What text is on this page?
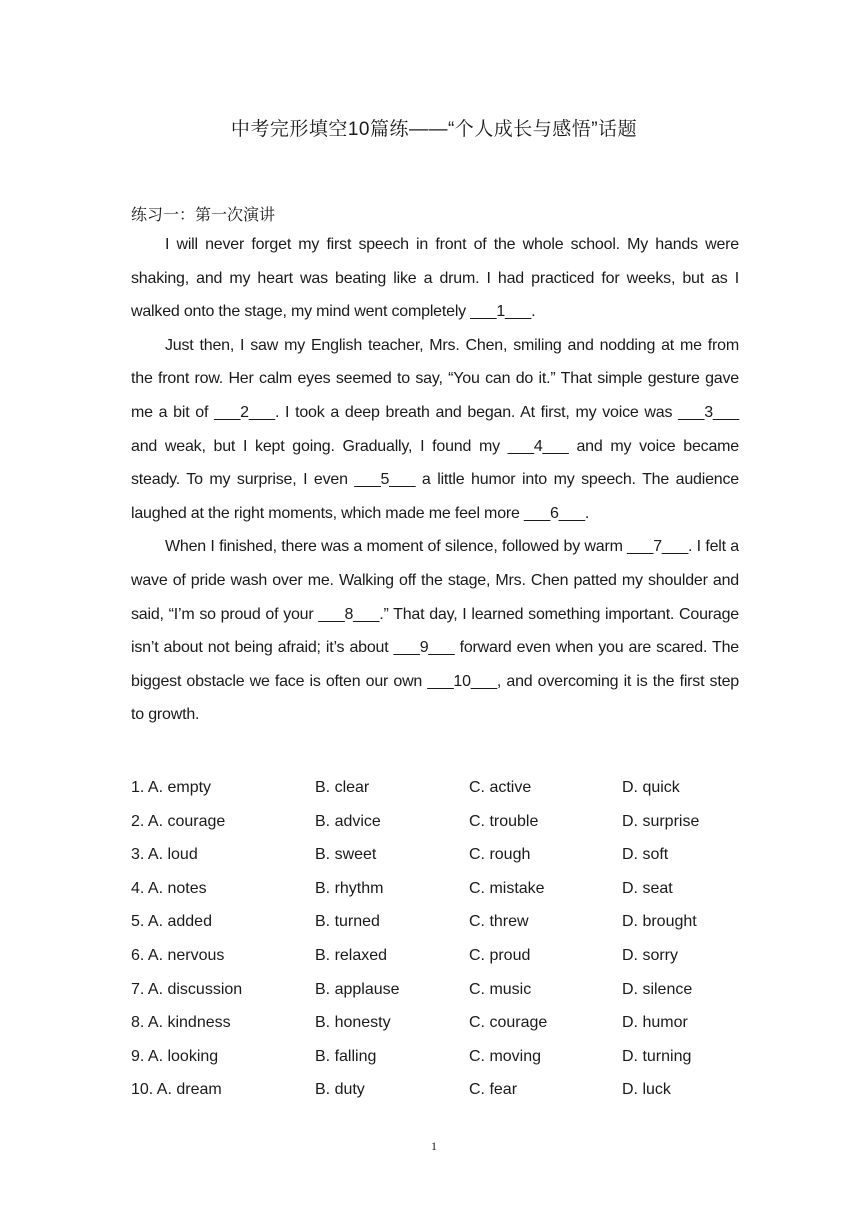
中考完形填空10篇练——“个人成长与感悟”话题
练习一：第一次演讲

I will never forget my first speech in front of the whole school. My hands were shaking, and my heart was beating like a drum. I had practiced for weeks, but as I walked onto the stage, my mind went completely ___1___.

Just then, I saw my English teacher, Mrs. Chen, smiling and nodding at me from the front row. Her calm eyes seemed to say, “You can do it.” That simple gesture gave me a bit of ___2___. I took a deep breath and began. At first, my voice was ___3___ and weak, but I kept going. Gradually, I found my ___4___ and my voice became steady. To my surprise, I even ___5___ a little humor into my speech. The audience laughed at the right moments, which made me feel more ___6___.

When I finished, there was a moment of silence, followed by warm ___7___. I felt a wave of pride wash over me. Walking off the stage, Mrs. Chen patted my shoulder and said, “I’m so proud of your ___8___.” That day, I learned something important. Courage isn’t about not being afraid; it’s about ___9___ forward even when you are scared. The biggest obstacle we face is often our own ___10___, and overcoming it is the first step to growth.

1. A. empty	B. clear	C. active	D. quick
2. A. courage	B. advice	C. trouble	D. surprise
3. A. loud	B. sweet	C. rough	D. soft
4. A. notes	B. rhythm	C. mistake	D. seat
5. A. added	B. turned	C. threw	D. brought
6. A. nervous	B. relaxed	C. proud	D. sorry
7. A. discussion	B. applause	C. music	D. silence
8. A. kindness	B. honesty	C. courage	D. humor
9. A. looking	B. falling	C. moving	D. turning
10. A. dream	B. duty	C. fear	D. luck
1
